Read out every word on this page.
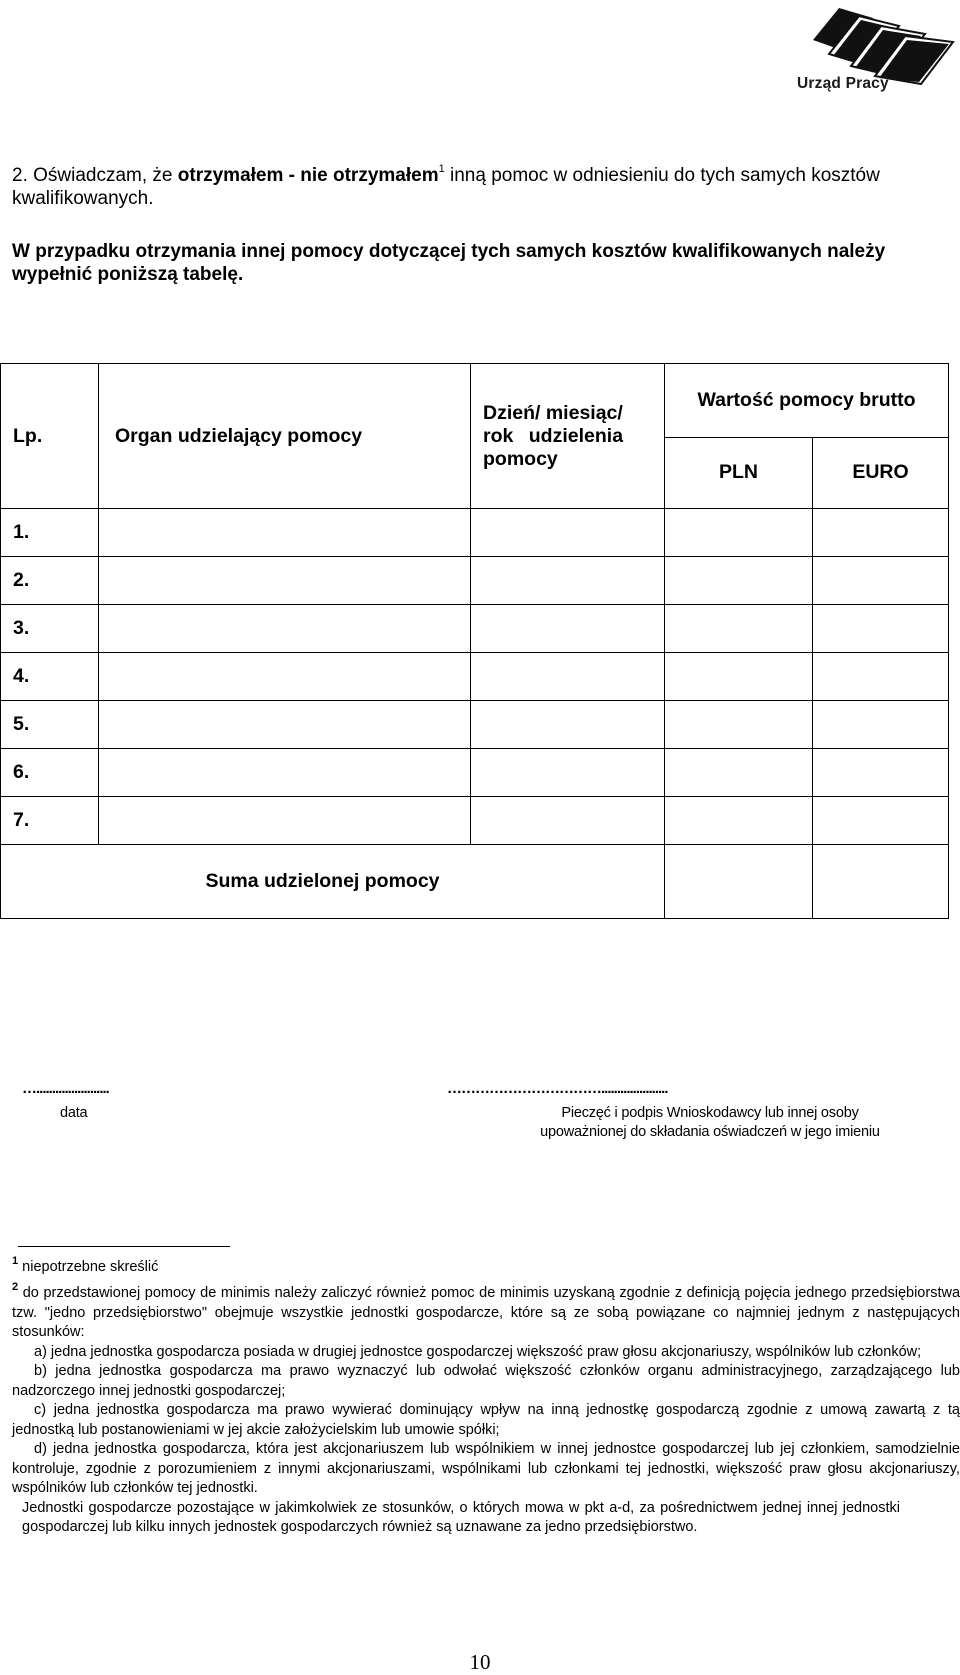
Urząd Pracy
2. Oświadczam, że otrzymałem - nie otrzymałem$^1$ inną pomoc w odniesieniu do tych samych kosztów kwalifikowanych.
W przypadku otrzymania innej pomocy dotyczącej tych samych kosztów kwalifikowanych należy wypełnić poniższą tabelę.
Lp.	Organ udzielający pomocy	Dzień/ miesiąc/
rok udzielenia
pomocy	Wartość pomocy brutto	
			PLN	EURO
1.				
2.				
3.				
4.				
5.				
6.				
7.				
Suma udzielonej pomocy				
….......................	…………………………….....................
data	Pieczęć i podpis Wnioskodawcy lub innej osoby
upoważnionej do składania oświadczeń w jego imieniu
$^1$ niepotrzebne skreślić
$^2$ do przedstawionej pomocy de minimis należy zaliczyć również pomoc de minimis uzyskaną zgodnie z definicją pojęcia jednego przedsiębiorstwa tzw. "jedno przedsiębiorstwo" obejmuje wszystkie jednostki gospodarcze, które są ze sobą powiązane co najmniej jednym z następujących stosunków:
a) jedna jednostka gospodarcza posiada w drugiej jednostce gospodarczej większość praw głosu akcjonariuszy, wspólników lub członków;
b) jedna jednostka gospodarcza ma prawo wyznaczyć lub odwołać większość członków organu administracyjnego, zarządzającego lub nadzorczego innej jednostki gospodarczej;
c) jedna jednostka gospodarcza ma prawo wywierać dominujący wpływ na inną jednostkę gospodarczą zgodnie z umową zawartą z tą jednostką lub postanowieniami w jej akcie założycielskim lub umowie spółki;
d) jedna jednostka gospodarcza, która jest akcjonariuszem lub wspólnikiem w innej jednostce gospodarczej lub jej członkiem, samodzielnie kontroluje, zgodnie z porozumieniem z innymi akcjonariuszami, wspólnikami lub członkami tej jednostki, większość praw głosu akcjonariuszy, wspólników lub członków tej jednostki.
Jednostki gospodarcze pozostające w jakimkolwiek ze stosunków, o których mowa w pkt a-d, za pośrednictwem jednej innej jednostki gospodarczej lub kilku innych jednostek gospodarczych również są uznawane za jedno przedsiębiorstwo.
10
